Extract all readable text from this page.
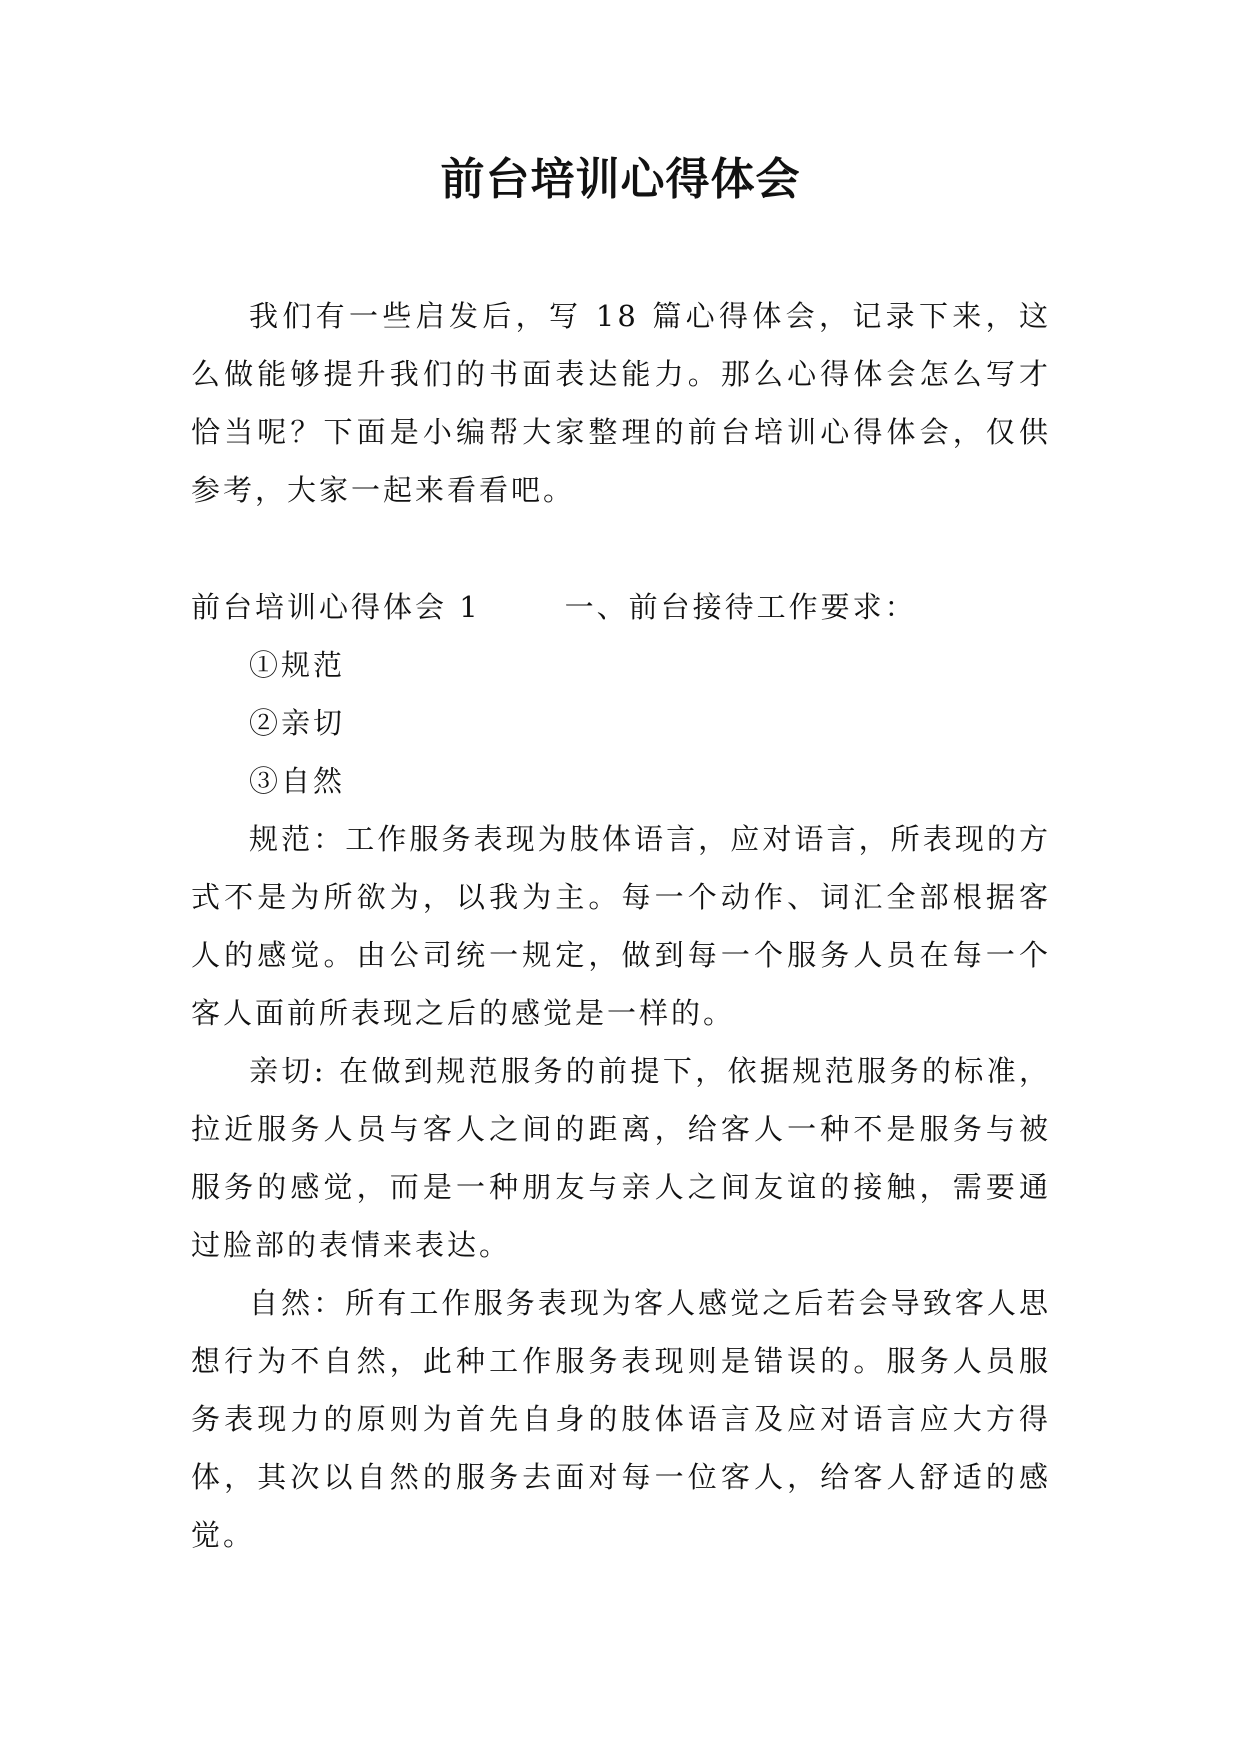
前台培训心得体会

我们有一些启发后，写 18 篇心得体会，记录下来，这么做能够提升我们的书面表达能力。那么心得体会怎么写才恰当呢？下面是小编帮大家整理的前台培训心得体会，仅供参考，大家一起来看看吧。

前台培训心得体会 1	一、前台接待工作要求：

①规范

②亲切

③自然

规范：工作服务表现为肢体语言，应对语言，所表现的方式不是为所欲为，以我为主。每一个动作、词汇全部根据客人的感觉。由公司统一规定，做到每一个服务人员在每一个客人面前所表现之后的感觉是一样的。

亲切: 在做到规范服务的前提下，依据规范服务的标准，拉近服务人员与客人之间的距离，给客人一种不是服务与被服务的感觉，而是一种朋友与亲人之间友谊的接触，需要通过脸部的表情来表达。

自然：所有工作服务表现为客人感觉之后若会导致客人思想行为不自然，此种工作服务表现则是错误的。服务人员服务表现力的原则为首先自身的肢体语言及应对语言应大方得体，其次以自然的服务去面对每一位客人，给客人舒适的感觉。
